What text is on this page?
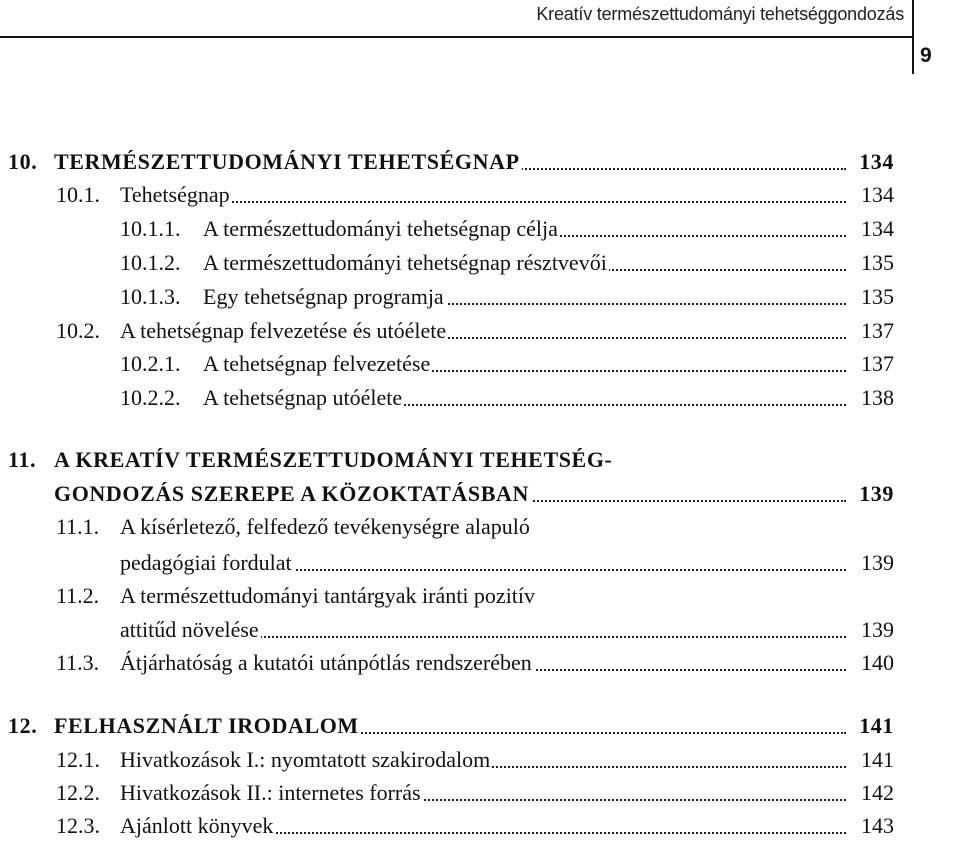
Kreatív természettudományi tehetséggondozás
9
10. TERMÉSZETTUDOMÁNYI TEHETSÉGNAP	134
10.1. Tehetségnap	134
10.1.1. A természettudományi tehetségnap célja	134
10.1.2. A természettudományi tehetségnap résztvevői	135
10.1.3. Egy tehetségnap programja	135
10.2. A tehetségnap felvezetése és utóélete	137
10.2.1. A tehetségnap felvezetése	137
10.2.2. A tehetségnap utóélete	138
11. A KREATÍV TERMÉSZETTUDOMÁNYI TEHETSÉG-
GONDOZÁS SZEREPE A KÖZOKTATÁSBAN	139
11.1. A kísérletező, felfedező tevékenységre alapuló
pedagógiai fordulat	139
11.2. A természettudományi tantárgyak iránti pozitív
attitűd növelése	139
11.3. Átjárhatóság a kutatói utánpótlás rendszerében	140
12. FELHASZNÁLT IRODALOM	141
12.1. Hivatkozások I.: nyomtatott szakirodalom	141
12.2. Hivatkozások II.: internetes forrás	142
12.3. Ajánlott könyvek	143
